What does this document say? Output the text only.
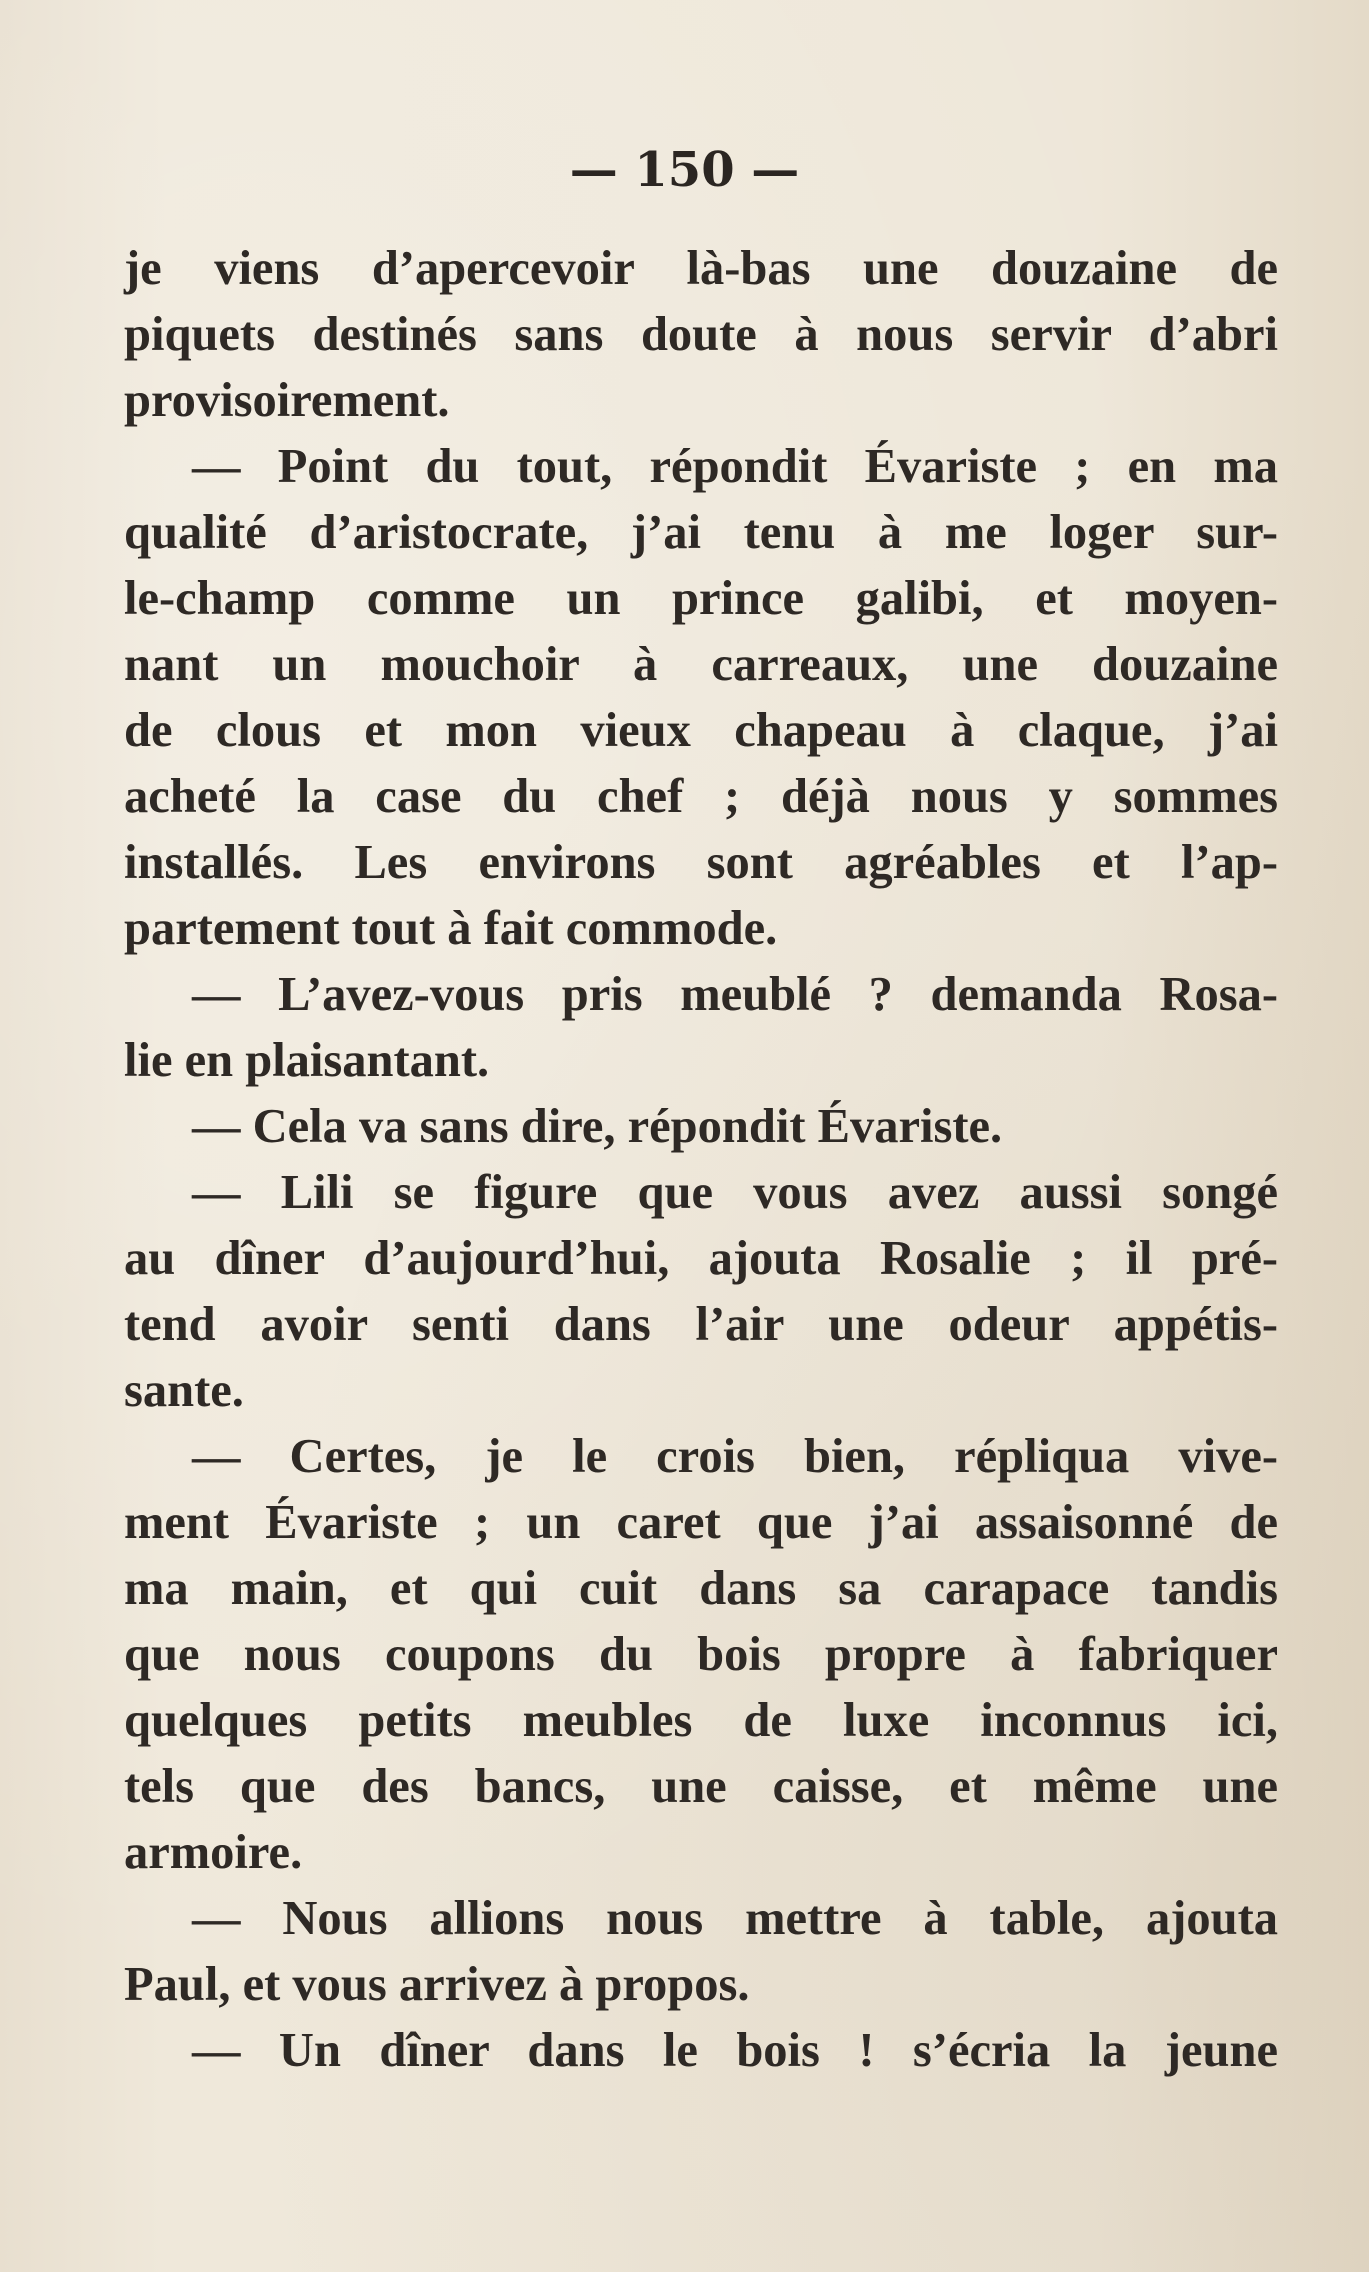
— 150 —
je viens d’apercevoir là-bas une douzaine de
piquets destinés sans doute à nous servir d’abri
provisoirement.
— Point du tout, répondit Évariste ; en ma
qualité d’aristocrate, j’ai tenu à me loger sur-
le-champ comme un prince galibi, et moyen-
nant un mouchoir à carreaux, une douzaine
de clous et mon vieux chapeau à claque, j’ai
acheté la case du chef ; déjà nous y sommes
installés. Les environs sont agréables et l’ap-
partement tout à fait commode.
— L’avez-vous pris meublé ? demanda Rosa-
lie en plaisantant.
— Cela va sans dire, répondit Évariste.
— Lili se figure que vous avez aussi songé
au dîner d’aujourd’hui, ajouta Rosalie ; il pré-
tend avoir senti dans l’air une odeur appétis-
sante.
— Certes, je le crois bien, répliqua vive-
ment Évariste ; un caret que j’ai assaisonné de
ma main, et qui cuit dans sa carapace tandis
que nous coupons du bois propre à fabriquer
quelques petits meubles de luxe inconnus ici,
tels que des bancs, une caisse, et même une
armoire.
— Nous allions nous mettre à table, ajouta
Paul, et vous arrivez à propos.
— Un dîner dans le bois ! s’écria la jeune
